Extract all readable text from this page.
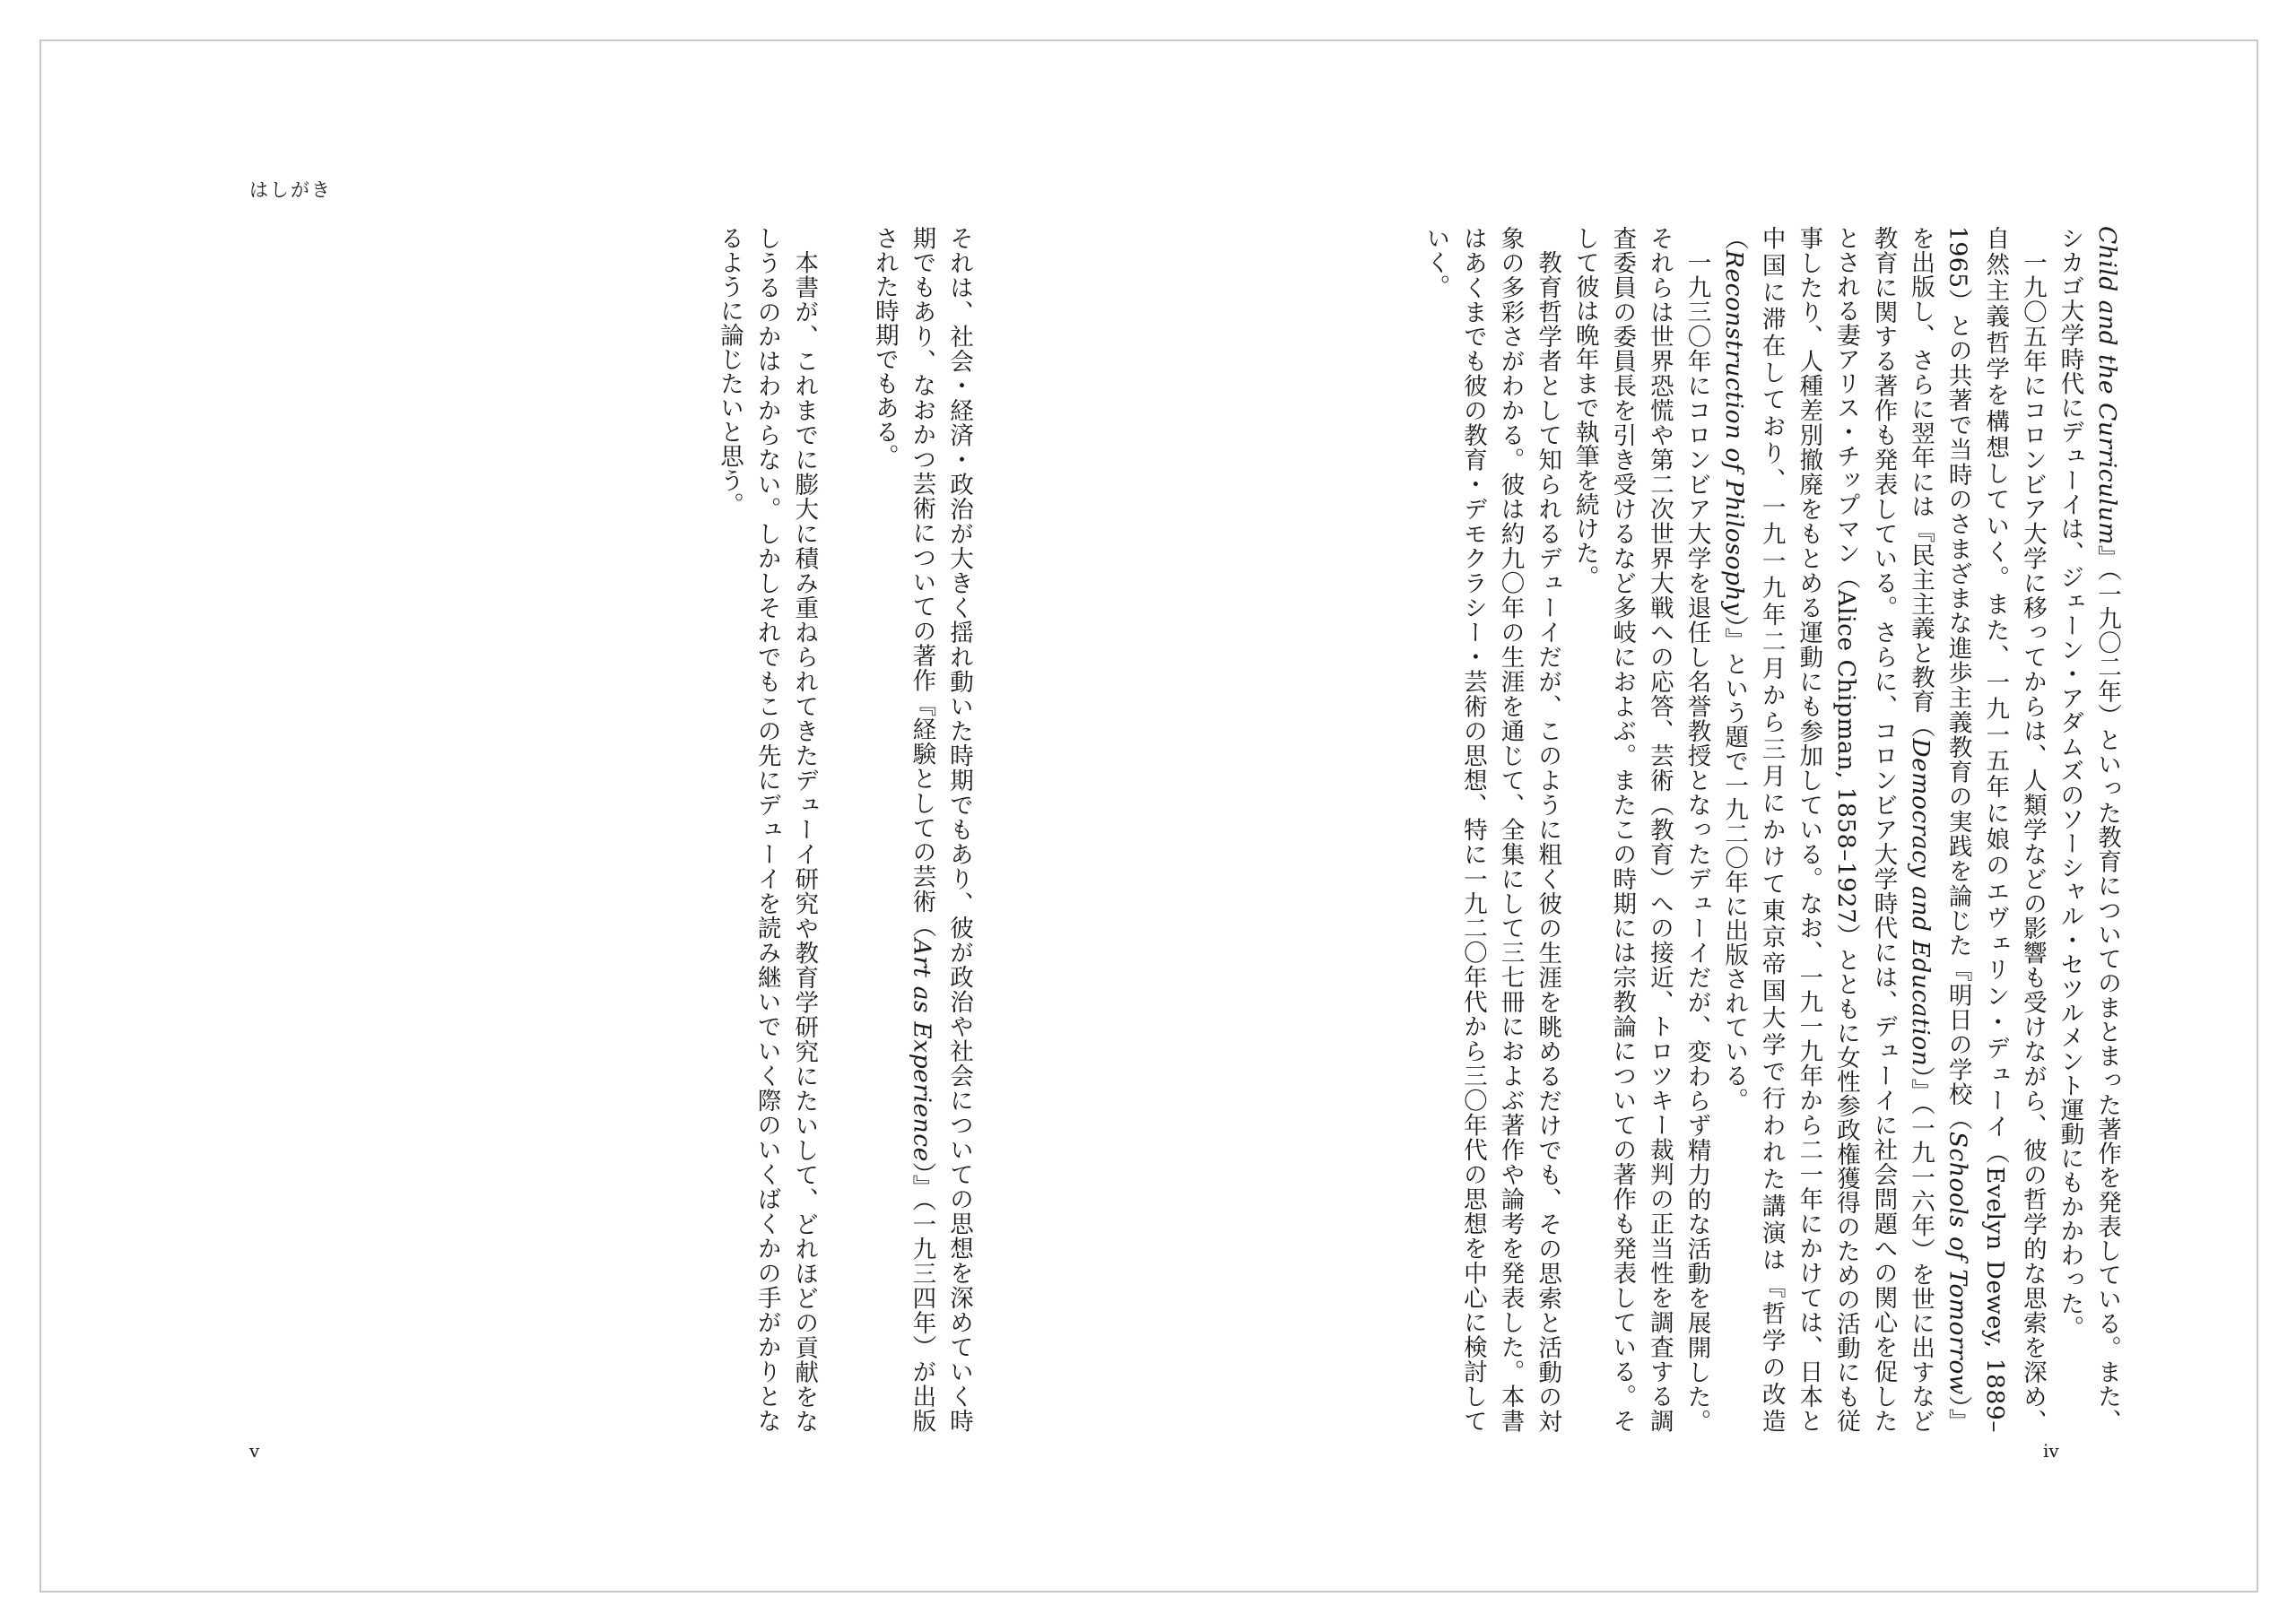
はしがき

Child and the Curriculum』（一九〇二年）といった教育についてのまとまった著作を発表している。また、シカゴ大学時代にデューイは、ジェーン・アダムズのソーシャル・セツルメント運動にもかかわった。

一九〇五年にコロンビア大学に移ってからは、人類学などの影響も受けながら、彼の哲学的な思索を深め、自然主義哲学を構想していく。また、一九一五年に娘のエヴェリン・デューイ（Evelyn Dewey, 1889–1965）との共著で当時のさまざまな進歩主義教育の実践を論じた『明日の学校（Schools of Tomorrow）』を出版し、さらに翌年には『民主主義と教育（Democracy and Education）』（一九一六年）を世に出すなど教育に関する著作も発表している。さらに、コロンビア大学時代には、デューイに社会問題への関心を促したとされる妻アリス・チップマン（Alice Chipman, 1858–1927）とともに女性参政権獲得のための活動にも従事したり、人種差別撤廃をもとめる運動にも参加している。なお、一九一九年から二一年にかけては、日本と中国に滞在しており、一九一九年二月から三月にかけて東京帝国大学で行われた講演は『哲学の改造（Reconstruction of Philosophy）』という題で一九二〇年に出版されている。

一九三〇年にコロンビア大学を退任し名誉教授となったデューイだが、変わらず精力的な活動を展開した。それらは世界恐慌や第二次世界大戦への応答、芸術（教育）への接近、トロツキー裁判の正当性を調査する調査委員の委員長を引き受けるなど多岐におよぶ。またこの時期には宗教論についての著作も発表している。そして彼は晩年まで執筆を続けた。

教育哲学者として知られるデューイだが、このように粗く彼の生涯を眺めるだけでも、その思索と活動の対象の多彩さがわかる。彼は約九〇年の生涯を通じて、全集にして三七冊におよぶ著作や論考を発表した。本書はあくまでも彼の教育・デモクラシー・芸術の思想、特に一九二〇年代から三〇年代の思想を中心に検討していく。

それは、社会・経済・政治が大きく揺れ動いた時期でもあり、彼が政治や社会についての思想を深めていく時期でもあり、なおかつ芸術についての著作『経験としての芸術（Art as Experience）』（一九三四年）が出版された時期でもある。

本書が、これまでに膨大に積み重ねられてきたデューイ研究や教育学研究にたいして、どれほどの貢献をなしうるのかはわからない。しかしそれでもこの先にデューイを読み継いでいく際のいくばくかの手がかりとなるように論じたいと思う。

v	iv
